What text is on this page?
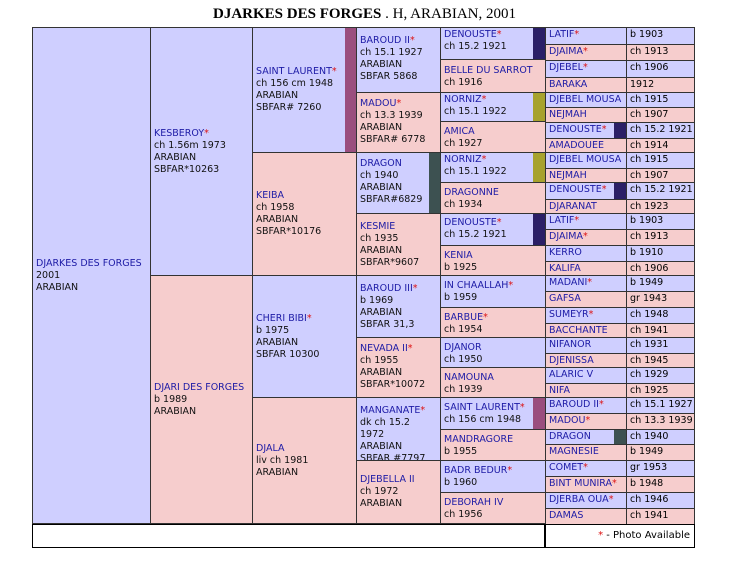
DJARKES DES FORGES . H, ARABIAN, 2001
DJARKES DES FORGES
2001
ARABIAN
KESBEROY*
ch 1.56m 1973
ARABIAN
SBFAR*10263
DJARI DES FORGES
b 1989
ARABIAN
SAINT LAURENT*
ch 156 cm 1948
ARABIAN
SBFAR# 7260
KEIBA
ch 1958
ARABIAN
SBFAR*10176
CHERI BIBI*
b 1975
ARABIAN
SBFAR 10300
DJALA
liv ch 1981
ARABIAN
BAROUD II*
ch 15.1 1927
ARABIAN
SBFAR 5868
MADOU*
ch 13.3 1939
ARABIAN
SBFAR# 6778
DRAGON
ch 1940
ARABIAN
SBFAR#6829
KESMIE
ch 1935
ARABIAN
SBFAR*9607
BAROUD III*
b 1969
ARABIAN
SBFAR 31,3
NEVADA II*
ch 1955
ARABIAN
SBFAR*10072
MANGANATE*
dk ch 15.2 1972
ARABIAN
SBFAR #7797
DJEBELLA II
ch 1972
ARABIAN
DENOUSTE*
ch 15.2 1921
BELLE DU SARROT
ch 1916
NORNIZ*
ch 15.1 1922
AMICA
ch 1927
NORNIZ*
ch 15.1 1922
DRAGONNE
ch 1934
DENOUSTE*
ch 15.2 1921
KENIA
b 1925
IN CHAALLAH*
b 1959
BARBUE*
ch 1954
DJANOR
ch 1950
NAMOUNA
ch 1939
SAINT LAURENT*
ch 156 cm 1948
MANDRAGORE
b 1955
BADR BEDUR*
b 1960
DEBORAH IV
ch 1956
LATIF*	b 1903
DJAIMA*	ch 1913
DJEBEL*	ch 1906
BARAKA	1912
DJEBEL MOUSA ch 1915
NEJMAH	ch 1907
DENOUSTE*	ch 15.2 1921
AMADOUEE	ch 1914
DJEBEL MOUSA ch 1915
NEJMAH	ch 1907
DENOUSTE*	ch 15.2 1921
DJARANAT	ch 1923
LATIF*	b 1903
DJAIMA*	ch 1913
KERRO	b 1910
KALIFA	ch 1906
MADANI*	b 1949
GAFSA	gr 1943
SUMEYR*	ch 1948
BACCHANTE	ch 1941
NIFANOR	ch 1931
DJENISSA	ch 1945
ALARIC V	ch 1929
NIFA	ch 1925
BAROUD II*	ch 15.1 1927
MADOU*	ch 13.3 1939
DRAGON	ch 1940
MAGNESIE	b 1949
COMET*	gr 1953
BINT MUNIRA*	b 1948
DJERBA OUA*	ch 1946
DAMAS	ch 1941
* - Photo Available
